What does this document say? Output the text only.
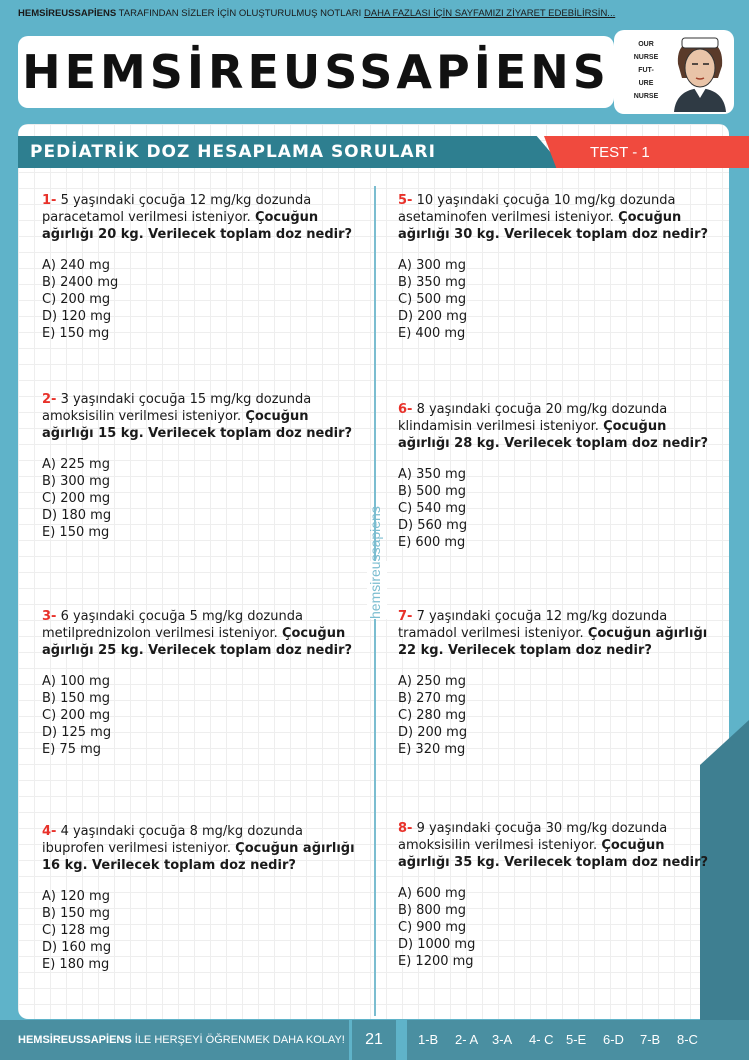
HEMSİREUSSAPİENS TARAFINDAN SİZLER İÇİN OLUŞTURULMUŞ NOTLARI DAHA FAZLASI İÇİN SAYFAMIZI ZİYARET EDEBİLİRSİN...
HEMSİREUSSAPİENS
OUR
NURSE
FUT-
URE
NURSE
PEDİATRİK DOZ HESAPLAMA SORULARI	TEST - 1
hemsireussapiens
1- 5 yaşındaki çocuğa 12 mg/kg dozunda paracetamol verilmesi isteniyor. Çocuğun ağırlığı 20 kg. Verilecek toplam doz nedir?
A) 240 mg
B) 2400 mg
C) 200 mg
D) 120 mg
E) 150 mg
2- 3 yaşındaki çocuğa 15 mg/kg dozunda amoksisilin verilmesi isteniyor. Çocuğun ağırlığı 15 kg. Verilecek toplam doz nedir?
A) 225 mg
B) 300 mg
C) 200 mg
D) 180 mg
E) 150 mg
3- 6 yaşındaki çocuğa 5 mg/kg dozunda metilprednizolon verilmesi isteniyor. Çocuğun ağırlığı 25 kg. Verilecek toplam doz nedir?
A) 100 mg
B) 150 mg
C) 200 mg
D) 125 mg
E) 75 mg
4- 4 yaşındaki çocuğa 8 mg/kg dozunda ibuprofen verilmesi isteniyor. Çocuğun ağırlığı 16 kg. Verilecek toplam doz nedir?
A) 120 mg
B) 150 mg
C) 128 mg
D) 160 mg
E) 180 mg
5- 10 yaşındaki çocuğa 10 mg/kg dozunda asetaminofen verilmesi isteniyor. Çocuğun ağırlığı 30 kg. Verilecek toplam doz nedir?
A) 300 mg
B) 350 mg
C) 500 mg
D) 200 mg
E) 400 mg
6- 8 yaşındaki çocuğa 20 mg/kg dozunda klindamisin verilmesi isteniyor. Çocuğun ağırlığı 28 kg. Verilecek toplam doz nedir?
A) 350 mg
B) 500 mg
C) 540 mg
D) 560 mg
E) 600 mg
7- 7 yaşındaki çocuğa 12 mg/kg dozunda tramadol verilmesi isteniyor. Çocuğun ağırlığı 22 kg. Verilecek toplam doz nedir?
A) 250 mg
B) 270 mg
C) 280 mg
D) 200 mg
E) 320 mg
8- 9 yaşındaki çocuğa 30 mg/kg dozunda amoksisilin verilmesi isteniyor. Çocuğun ağırlığı 35 kg. Verilecek toplam doz nedir?
A) 600 mg
B) 800 mg
C) 900 mg
D) 1000 mg
E) 1200 mg
HEMSİREUSSAPİENS İLE HERŞEYİ ÖĞRENMEK DAHA KOLAY!	21	1-B	2- A	3-A	4- C 5-E	6-D	7-B	8-C
